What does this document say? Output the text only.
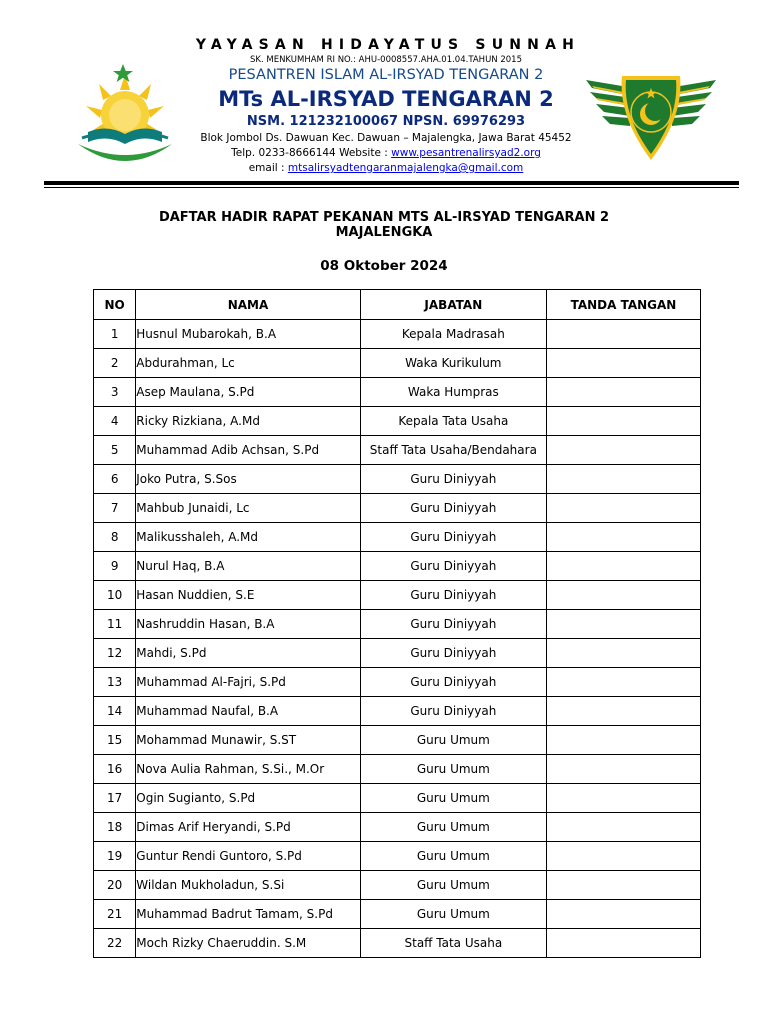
YAYASAN HIDAYATUS SUNNAH
SK. MENKUMHAM RI NO.: AHU-0008557.AHA.01.04.TAHUN 2015
PESANTREN ISLAM AL-IRSYAD TENGARAN 2
MTs AL-IRSYAD TENGARAN 2
NSM. 121232100067 NPSN. 69976293
Blok Jombol Ds. Dawuan Kec. Dawuan – Majalengka, Jawa Barat 45452
Telp. 0233-8666144 Website : www.pesantrenalirsyad2.org
email : mtsalirsyadtengaranmajalengka@gmail.com
DAFTAR HADIR RAPAT PEKANAN MTS AL-IRSYAD TENGARAN 2
MAJALENGKA
08 Oktober 2024
NO	NAMA	JABATAN	TANDA TANGAN
1	Husnul Mubarokah, B.A	Kepala Madrasah	
2	Abdurahman, Lc	Waka Kurikulum	
3	Asep Maulana, S.Pd	Waka Humpras	
4	Ricky Rizkiana, A.Md	Kepala Tata Usaha	
5	Muhammad Adib Achsan, S.Pd	Staff Tata Usaha/Bendahara	
6	Joko Putra, S.Sos	Guru Diniyyah	
7	Mahbub Junaidi, Lc	Guru Diniyyah	
8	Malikusshaleh, A.Md	Guru Diniyyah	
9	Nurul Haq, B.A	Guru Diniyyah	
10	Hasan Nuddien, S.E	Guru Diniyyah	
11	Nashruddin Hasan, B.A	Guru Diniyyah	
12	Mahdi, S.Pd	Guru Diniyyah	
13	Muhammad Al-Fajri, S.Pd	Guru Diniyyah	
14	Muhammad Naufal, B.A	Guru Diniyyah	
15	Mohammad Munawir, S.ST	Guru Umum	
16	Nova Aulia Rahman, S.Si., M.Or	Guru Umum	
17	Ogin Sugianto, S.Pd	Guru Umum	
18	Dimas Arif Heryandi, S.Pd	Guru Umum	
19	Guntur Rendi Guntoro, S.Pd	Guru Umum	
20	Wildan Mukholadun, S.Si	Guru Umum	
21	Muhammad Badrut Tamam, S.Pd	Guru Umum	
22	Moch Rizky Chaeruddin. S.M	Staff Tata Usaha	
